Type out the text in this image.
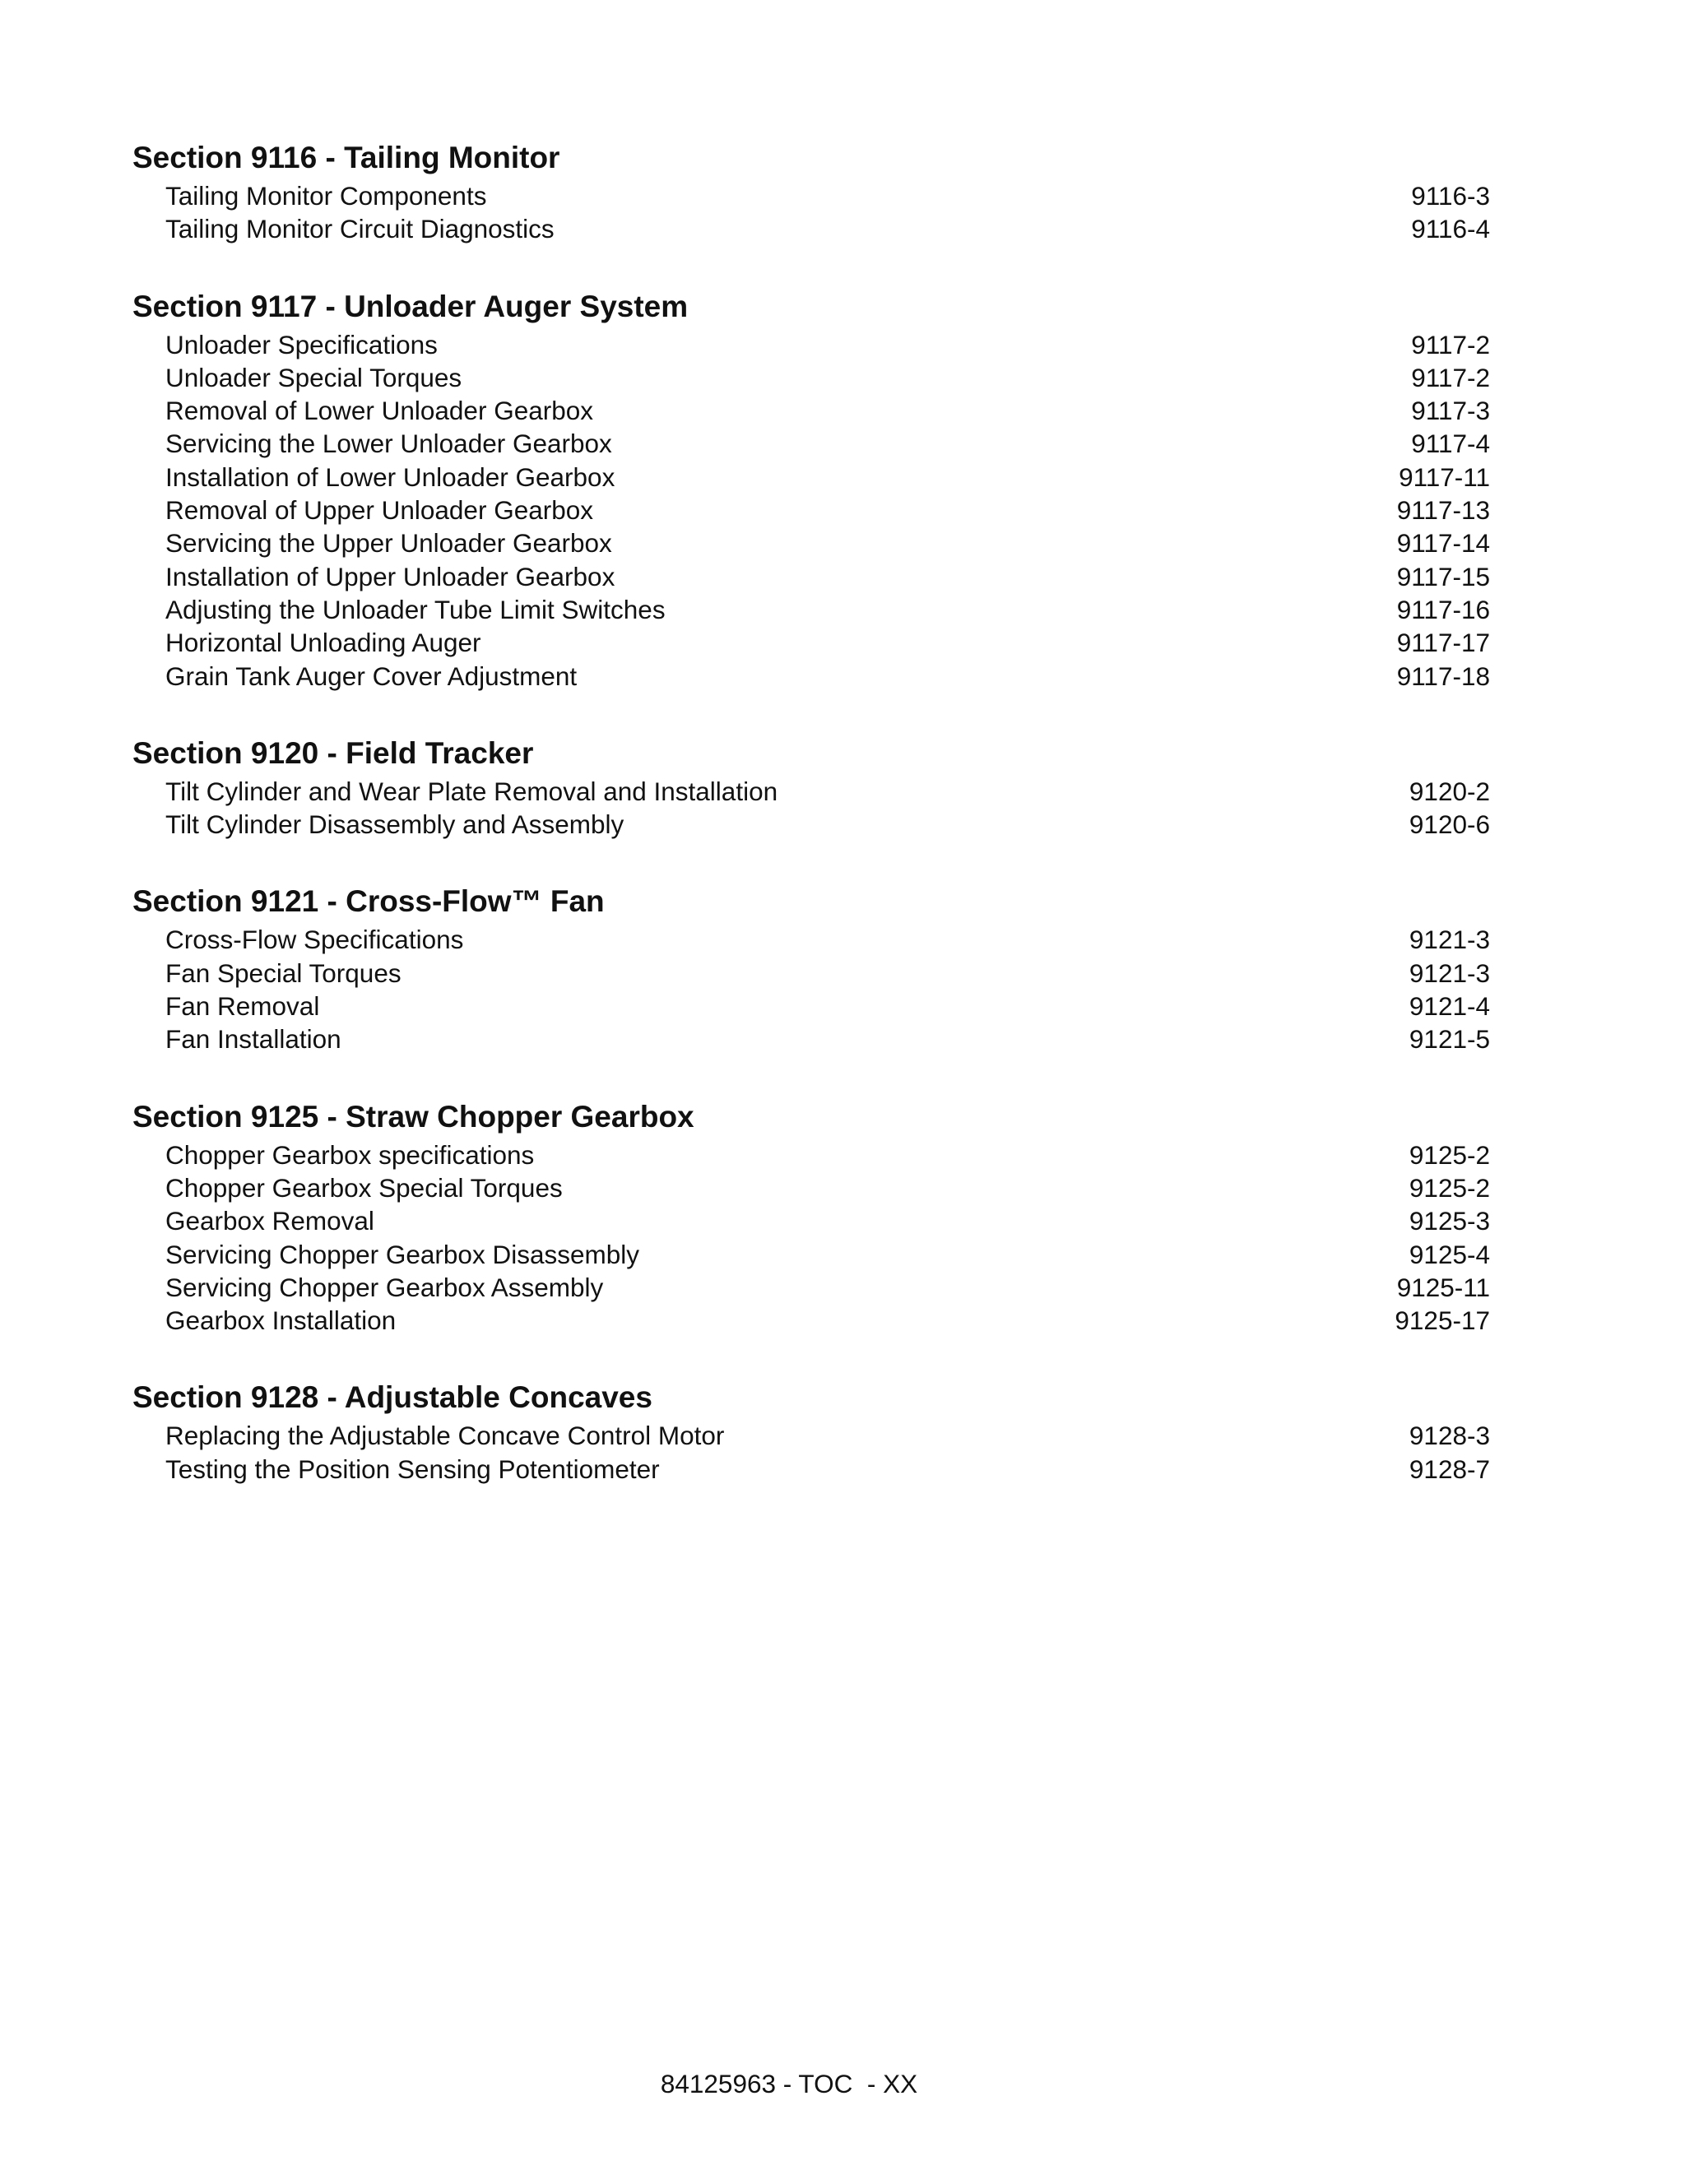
Section 9116 - Tailing Monitor
Tailing Monitor Components	9116-3
Tailing Monitor Circuit Diagnostics	9116-4
Section 9117 - Unloader Auger System
Unloader Specifications	9117-2
Unloader Special Torques	9117-2
Removal of Lower Unloader Gearbox	9117-3
Servicing the Lower Unloader Gearbox	9117-4
Installation of Lower Unloader Gearbox	9117-11
Removal of Upper Unloader Gearbox	9117-13
Servicing the Upper Unloader Gearbox	9117-14
Installation of Upper Unloader Gearbox	9117-15
Adjusting the Unloader Tube Limit Switches	9117-16
Horizontal Unloading Auger	9117-17
Grain Tank Auger Cover Adjustment	9117-18
Section 9120 - Field Tracker
Tilt Cylinder and Wear Plate Removal and Installation	9120-2
Tilt Cylinder Disassembly and Assembly	9120-6
Section 9121 - Cross-Flow™ Fan
Cross-Flow Specifications	9121-3
Fan Special Torques	9121-3
Fan Removal	9121-4
Fan Installation	9121-5
Section 9125 - Straw Chopper Gearbox
Chopper Gearbox specifications	9125-2
Chopper Gearbox Special Torques	9125-2
Gearbox Removal	9125-3
Servicing Chopper Gearbox Disassembly	9125-4
Servicing Chopper Gearbox Assembly	9125-11
Gearbox Installation	9125-17
Section 9128 - Adjustable Concaves
Replacing the Adjustable Concave Control Motor	9128-3
Testing the Position Sensing Potentiometer	9128-7
84125963 - TOC  - XX
